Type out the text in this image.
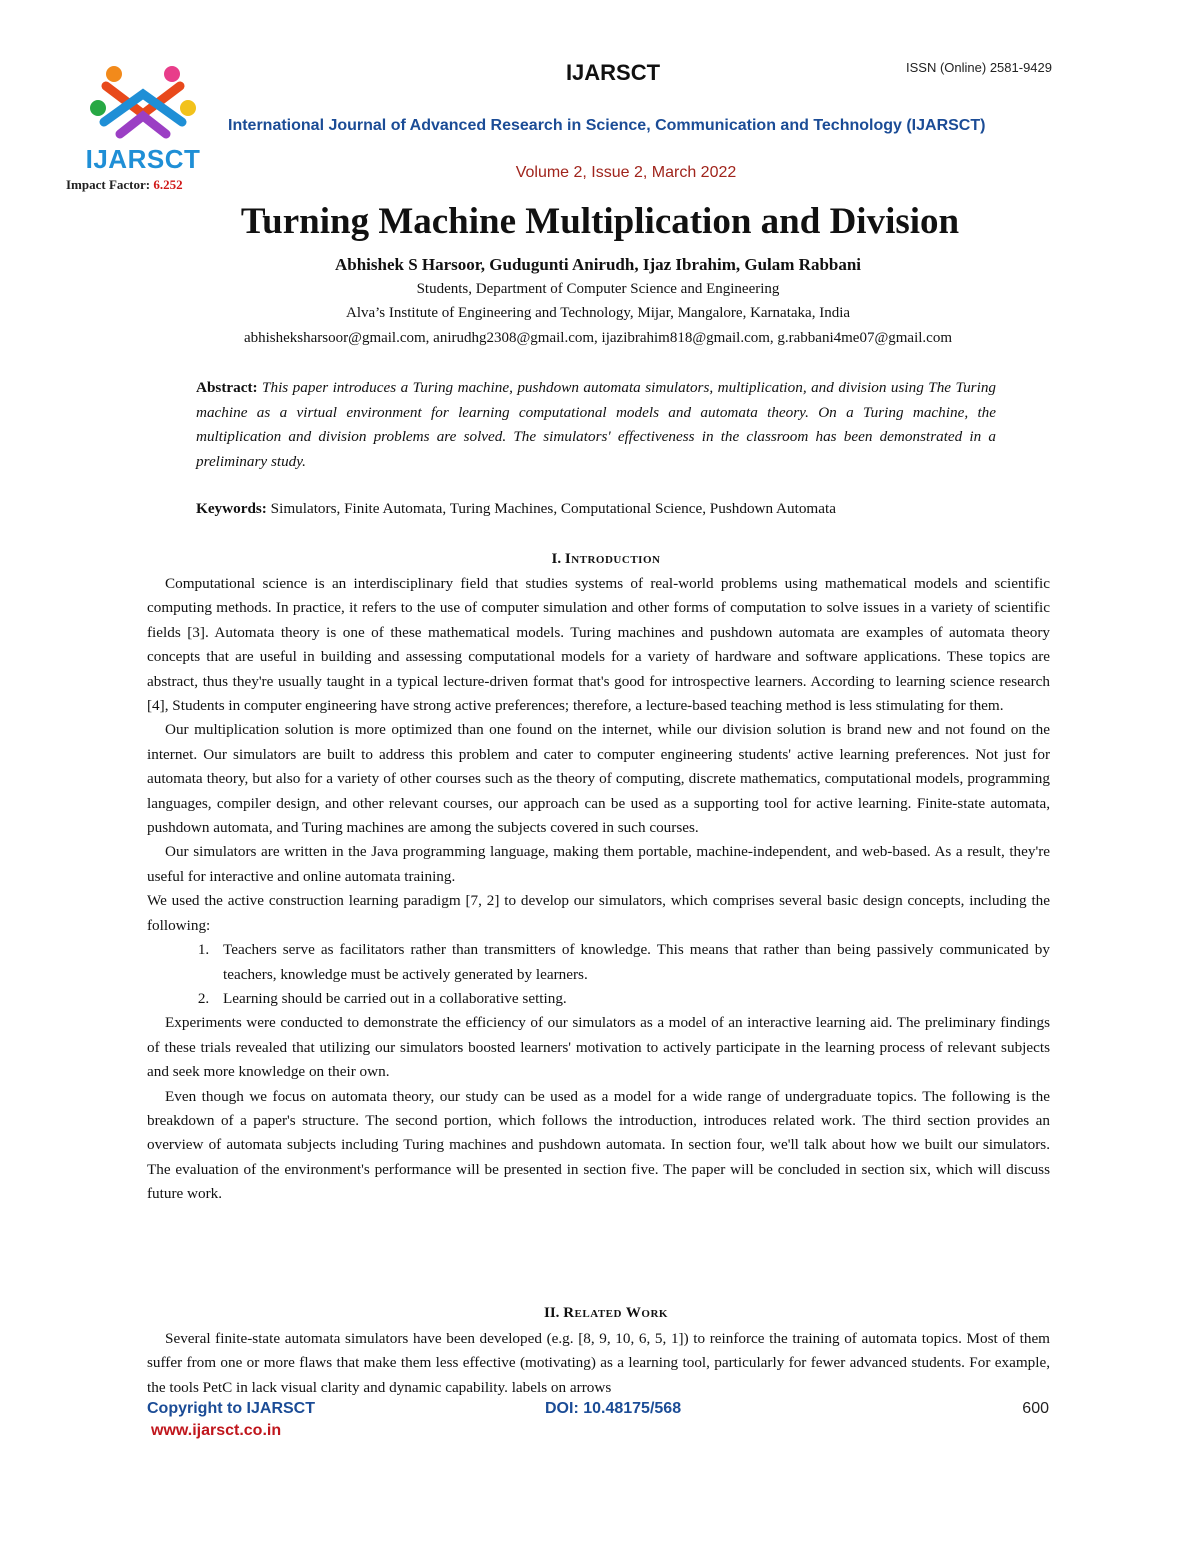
IJARSCT
Impact Factor: 6.252
IJARSCT	ISSN (Online) 2581-9429
International Journal of Advanced Research in Science, Communication and Technology (IJARSCT)
Volume 2, Issue 2, March 2022
Turning Machine Multiplication and Division
Abhishek S Harsoor, Gudugunti Anirudh, Ijaz Ibrahim, Gulam Rabbani
Students, Department of Computer Science and Engineering
Alva’s Institute of Engineering and Technology, Mijar, Mangalore, Karnataka, India
abhisheksharsoor@gmail.com, anirudhg2308@gmail.com, ijazibrahim818@gmail.com, g.rabbani4me07@gmail.com
Abstract: This paper introduces a Turing machine, pushdown automata simulators, multiplication, and division using The Turing machine as a virtual environment for learning computational models and automata theory. On a Turing machine, the multiplication and division problems are solved. The simulators' effectiveness in the classroom has been demonstrated in a preliminary study.
Keywords: Simulators, Finite Automata, Turing Machines, Computational Science, Pushdown Automata
I. Introduction

Computational science is an interdisciplinary field that studies systems of real-world problems using mathematical models and scientific computing methods. In practice, it refers to the use of computer simulation and other forms of computation to solve issues in a variety of scientific fields [3]. Automata theory is one of these mathematical models. Turing machines and pushdown automata are examples of automata theory concepts that are useful in building and assessing computational models for a variety of hardware and software applications. These topics are abstract, thus they're usually taught in a typical lecture-driven format that's good for introspective learners. According to learning science research [4], Students in computer engineering have strong active preferences; therefore, a lecture-based teaching method is less stimulating for them.

Our multiplication solution is more optimized than one found on the internet, while our division solution is brand new and not found on the internet. Our simulators are built to address this problem and cater to computer engineering students' active learning preferences. Not just for automata theory, but also for a variety of other courses such as the theory of computing, discrete mathematics, computational models, programming languages, compiler design, and other relevant courses, our approach can be used as a supporting tool for active learning. Finite-state automata, pushdown automata, and Turing machines are among the subjects covered in such courses.

Our simulators are written in the Java programming language, making them portable, machine-independent, and web-based. As a result, they're useful for interactive and online automata training.

We used the active construction learning paradigm [7, 2] to develop our simulators, which comprises several basic design concepts, including the following:

1. Teachers serve as facilitators rather than transmitters of knowledge. This means that rather than being passively communicated by teachers, knowledge must be actively generated by learners.
2. Learning should be carried out in a collaborative setting.

Experiments were conducted to demonstrate the efficiency of our simulators as a model of an interactive learning aid. The preliminary findings of these trials revealed that utilizing our simulators boosted learners' motivation to actively participate in the learning process of relevant subjects and seek more knowledge on their own.

Even though we focus on automata theory, our study can be used as a model for a wide range of undergraduate topics. The following is the breakdown of a paper's structure. The second portion, which follows the introduction, introduces related work. The third section provides an overview of automata subjects including Turing machines and pushdown automata. In section four, we'll talk about how we built our simulators. The evaluation of the environment's performance will be presented in section five. The paper will be concluded in section six, which will discuss future work.

II. Related Work

Several finite-state automata simulators have been developed (e.g. [8, 9, 10, 6, 5, 1]) to reinforce the training of automata topics. Most of them suffer from one or more flaws that make them less effective (motivating) as a learning tool, particularly for fewer advanced students. For example, the tools PetC in lack visual clarity and dynamic capability. labels on arrows

Copyright to IJARSCT	DOI: 10.48175/568	600
www.ijarsct.co.in
